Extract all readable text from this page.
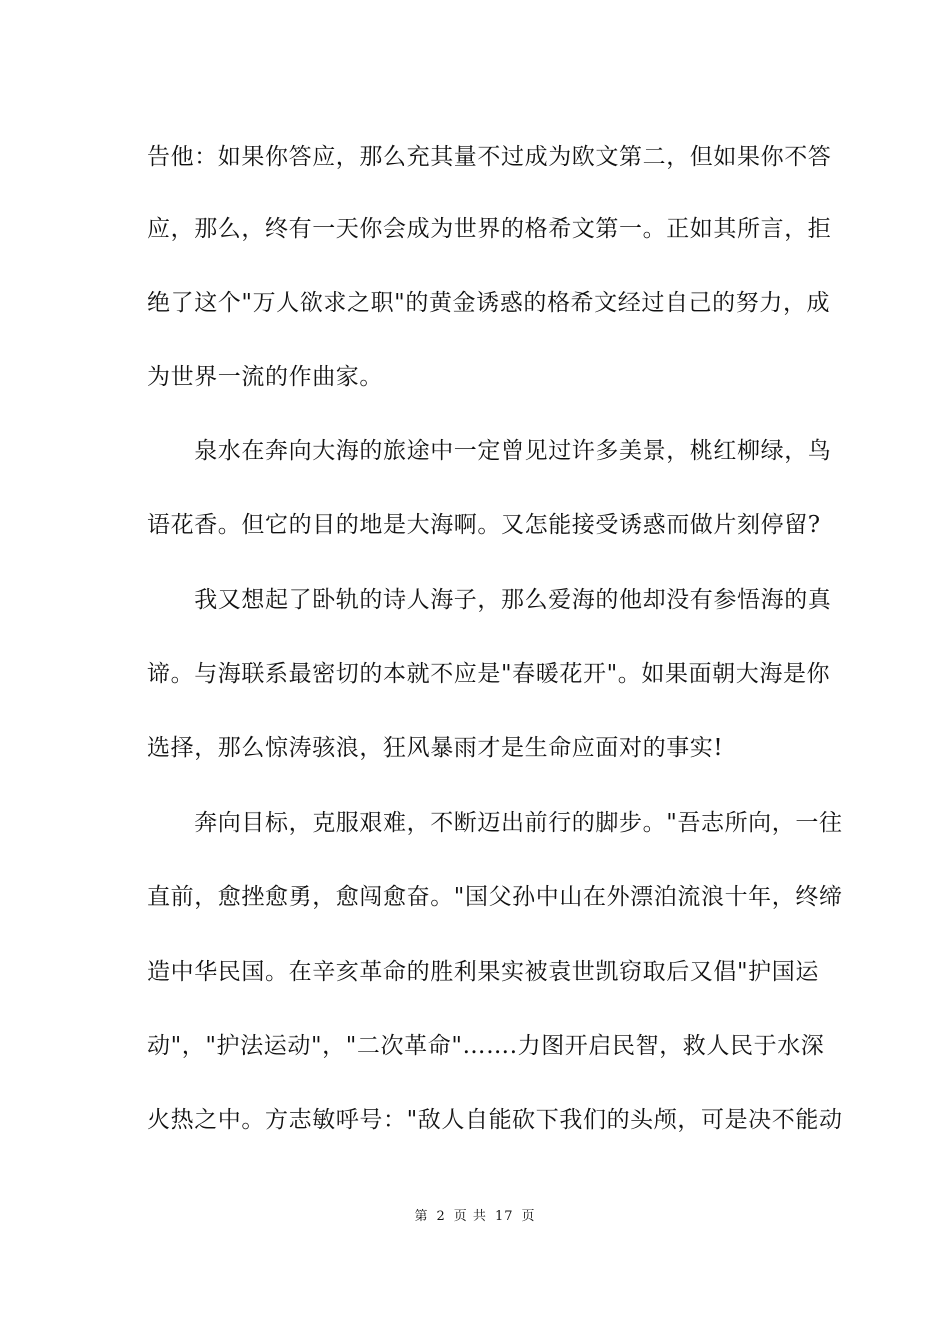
告他：如果你答应，那么充其量不过成为欧文第二，但如果你不答
应，那么，终有一天你会成为世界的格希文第一。正如其所言，拒
绝了这个"万人欲求之职"的黄金诱惑的格希文经过自己的努力，成
为世界一流的作曲家。
　　泉水在奔向大海的旅途中一定曾见过许多美景，桃红柳绿，鸟
语花香。但它的目的地是大海啊。又怎能接受诱惑而做片刻停留?
　　我又想起了卧轨的诗人海子，那么爱海的他却没有参悟海的真
谛。与海联系最密切的本就不应是"春暖花开"。如果面朝大海是你
选择，那么惊涛骇浪，狂风暴雨才是生命应面对的事实!
　　奔向目标，克服艰难，不断迈出前行的脚步。"吾志所向，一往
直前，愈挫愈勇，愈闯愈奋。"国父孙中山在外漂泊流浪十年，终缔
造中华民国。在辛亥革命的胜利果实被袁世凯窃取后又倡"护国运
动"，"护法运动"，"二次革命"…….力图开启民智，救人民于水深
火热之中。方志敏呼号："敌人自能砍下我们的头颅，可是决不能动
第 2 页 共 17 页
